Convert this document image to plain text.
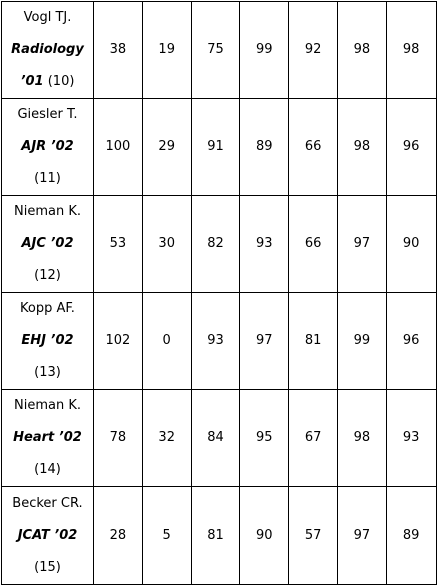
Vogl TJ.
Radiology
’01 (10)	38	19	75	99	92	98	98

Giesler T.
AJR ’02
(11)	100	29	91	89	66	98	96

Nieman K.
AJC ’02
(12)	53	30	82	93	66	97	90

Kopp AF.
EHJ ’02
(13)	102	0	93	97	81	99	96

Nieman K.
Heart ’02
(14)	78	32	84	95	67	98	93

Becker CR.
JCAT ’02
(15)	28	5	81	90	57	97	89
